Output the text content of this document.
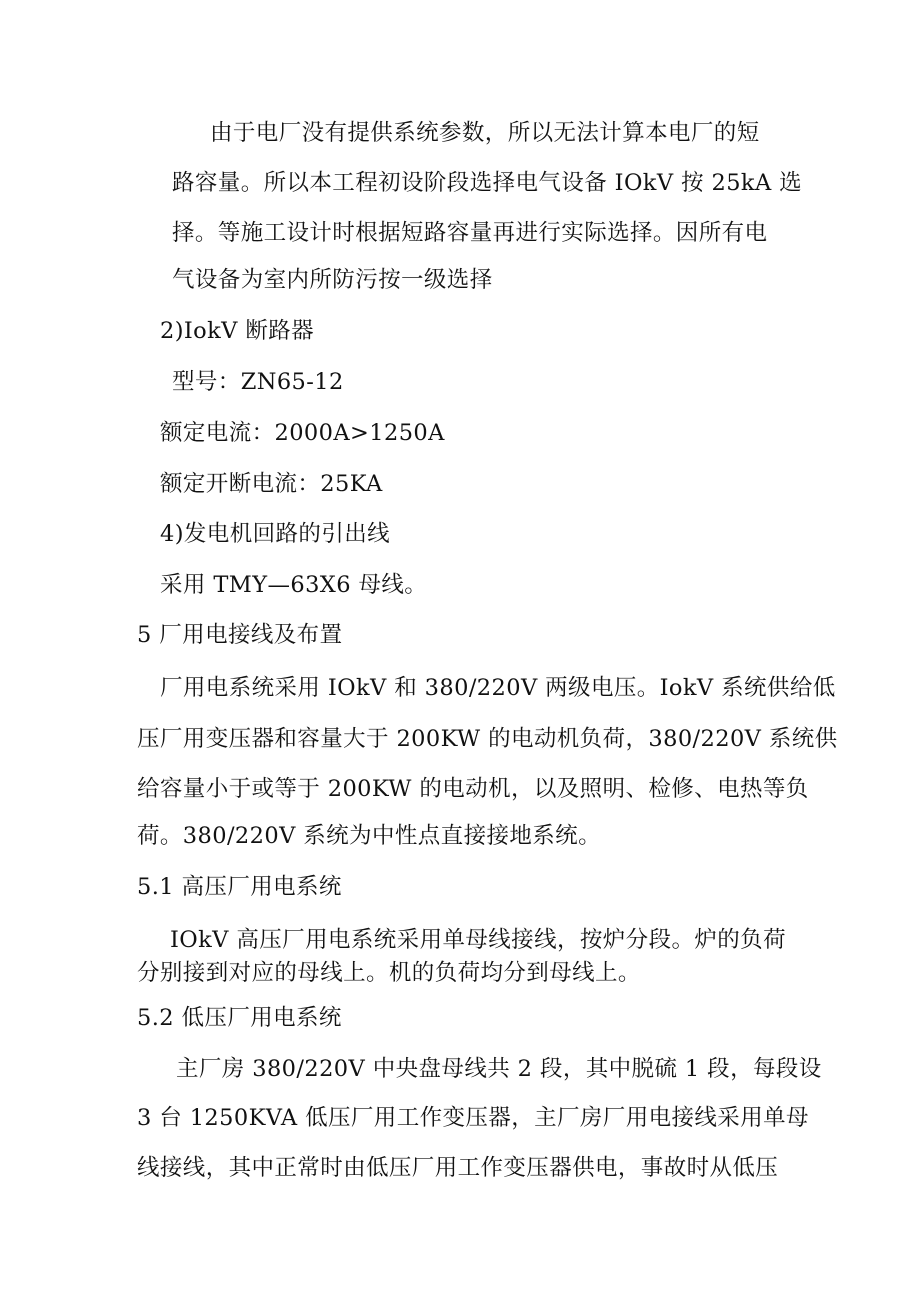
由于电厂没有提供系统参数，所以无法计算本电厂的短
路容量。所以本工程初设阶段选择电气设备 IOkV 按 25kA 选
择。等施工设计时根据短路容量再进行实际选择。因所有电
气设备为室内所防污按一级选择
2)IokV 断路器
型号：ZN65-12
额定电流：2000A>1250A
额定开断电流：25KA
4)发电机回路的引出线
采用 TMY—63X6 母线。
5 厂用电接线及布置
厂用电系统采用 IOkV 和 380/220V 两级电压。IokV 系统供给低
压厂用变压器和容量大于 200KW 的电动机负荷，380/220V 系统供
给容量小于或等于 200KW 的电动机，以及照明、检修、电热等负
荷。380/220V 系统为中性点直接接地系统。
5.1 高压厂用电系统
IOkV 高压厂用电系统采用单母线接线，按炉分段。炉的负荷
分别接到对应的母线上。机的负荷均分到母线上。
5.2 低压厂用电系统
主厂房 380/220V 中央盘母线共 2 段，其中脱硫 1 段，每段设
3 台 1250KVA 低压厂用工作变压器，主厂房厂用电接线采用单母
线接线，其中正常时由低压厂用工作变压器供电，事故时从低压
